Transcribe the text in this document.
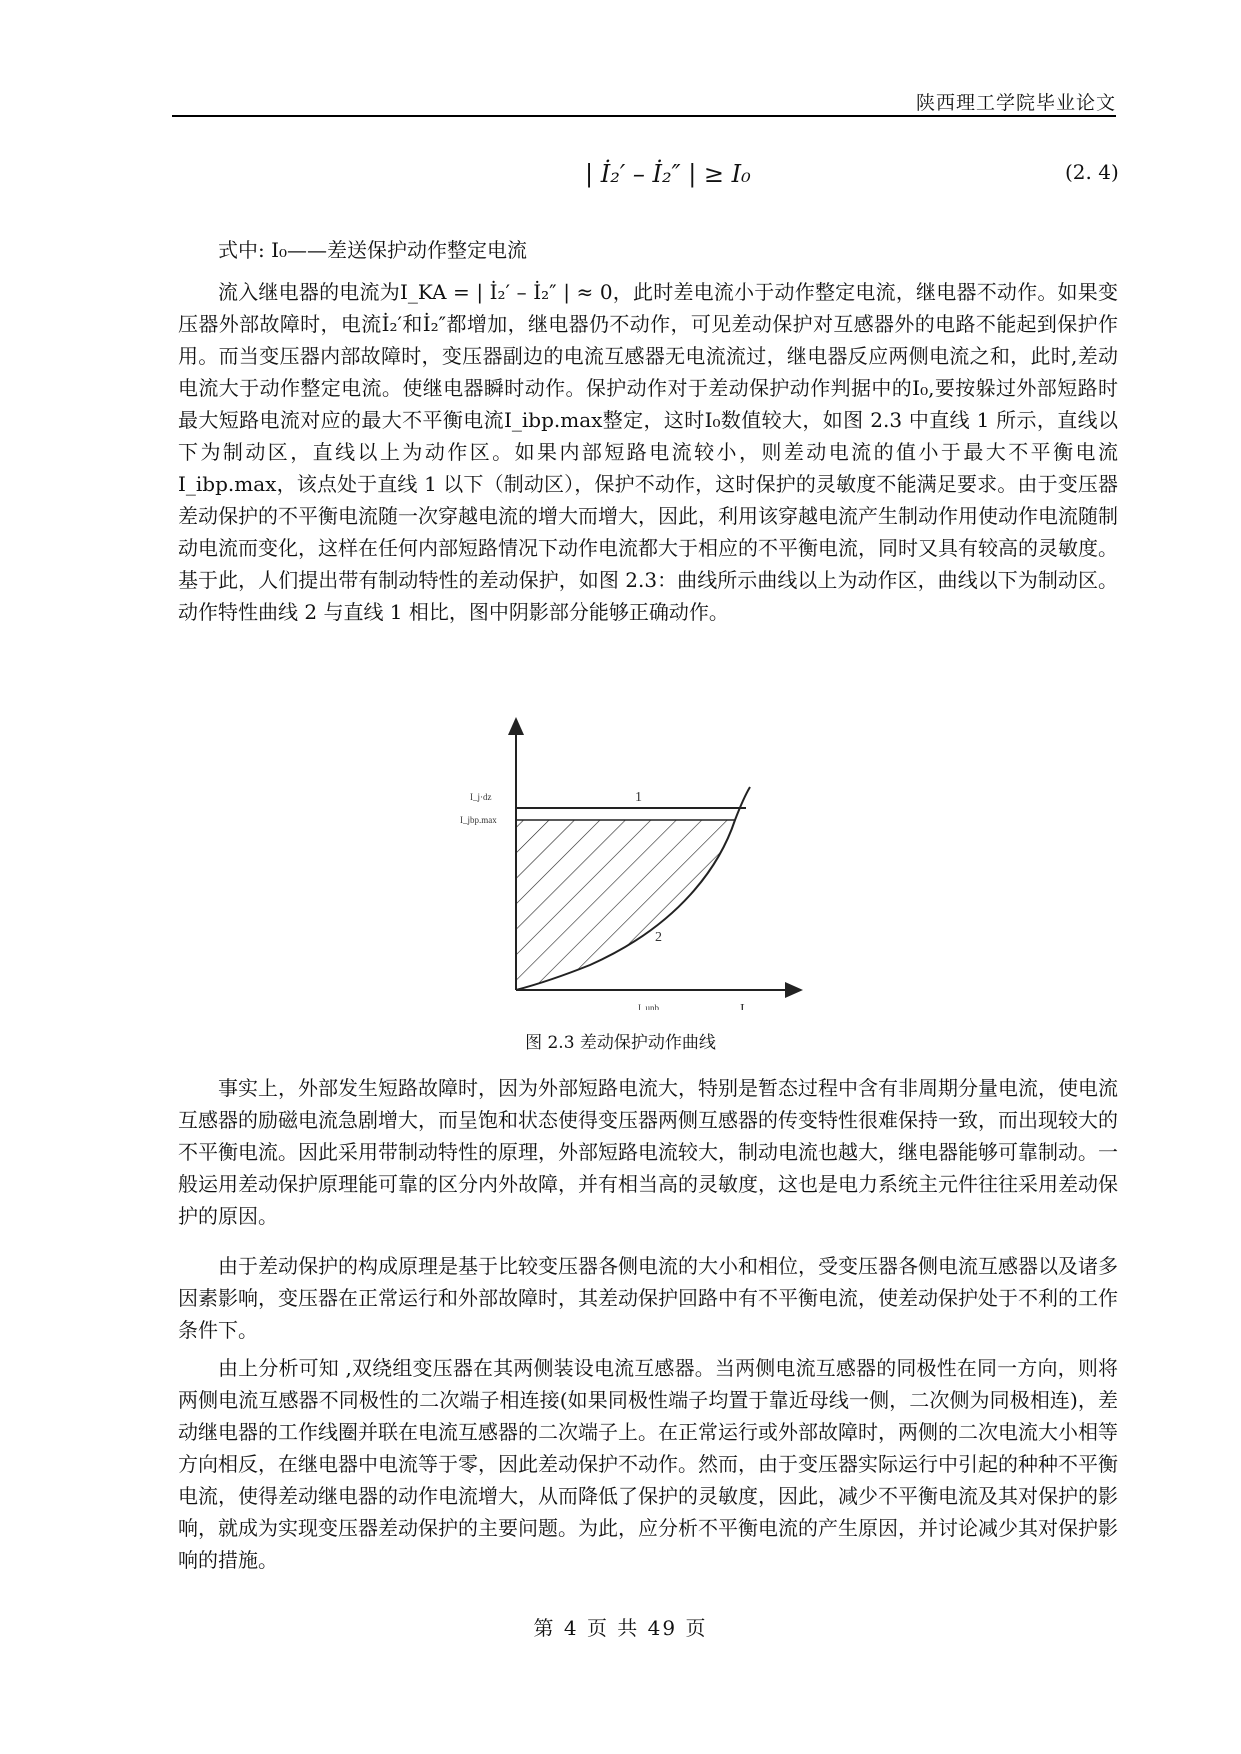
陕西理工学院毕业论文
| İ₂′ – İ₂″ | ≥ I₀	(2. 4)
式中: I₀——差送保护动作整定电流

流入继电器的电流为I_KA = | İ₂′ – İ₂″ | ≈ 0，此时差电流小于动作整定电流，继电器不动作。如果变压器外部故障时，电流İ₂′和İ₂″都增加，继电器仍不动作，可见差动保护对互感器外的电路不能起到保护作用。而当变压器内部故障时，变压器副边的电流互感器无电流流过，继电器反应两侧电流之和，此时,差动电流大于动作整定电流。使继电器瞬时动作。保护动作对于差动保护动作判据中的I₀,要按躲过外部短路时最大短路电流对应的最大不平衡电流I_ibp.max整定，这时I₀数值较大，如图 2.3 中直线 1 所示，直线以下为制动区，直线以上为动作区。如果内部短路电流较小，则差动电流的值小于最大不平衡电流I_ibp.max，该点处于直线 1 以下（制动区），保护不动作，这时保护的灵敏度不能满足要求。由于变压器差动保护的不平衡电流随一次穿越电流的增大而增大，因此，利用该穿越电流产生制动作用使动作电流随制动电流而变化，这样在任何内部短路情况下动作电流都大于相应的不平衡电流，同时又具有较高的灵敏度。基于此，人们提出带有制动特性的差动保护，如图 2.3：曲线所示曲线以上为动作区，曲线以下为制动区。动作特性曲线 2 与直线 1 相比，图中阴影部分能够正确动作。

I_j·dz
I_jbp.max
1
2
I_unb	I
图 2.3 差动保护动作曲线

事实上，外部发生短路故障时，因为外部短路电流大，特别是暂态过程中含有非周期分量电流，使电流互感器的励磁电流急剧增大，而呈饱和状态使得变压器两侧互感器的传变特性很难保持一致，而出现较大的不平衡电流。因此采用带制动特性的原理，外部短路电流较大，制动电流也越大，继电器能够可靠制动。一般运用差动保护原理能可靠的区分内外故障，并有相当高的灵敏度，这也是电力系统主元件往往采用差动保护的原因。

由于差动保护的构成原理是基于比较变压器各侧电流的大小和相位，受变压器各侧电流互感器以及诸多因素影响，变压器在正常运行和外部故障时，其差动保护回路中有不平衡电流，使差动保护处于不利的工作条件下。

由上分析可知 ,双绕组变压器在其两侧装设电流互感器。当两侧电流互感器的同极性在同一方向，则将两侧电流互感器不同极性的二次端子相连接(如果同极性端子均置于靠近母线一侧，二次侧为同极相连)，差动继电器的工作线圈并联在电流互感器的二次端子上。在正常运行或外部故障时，两侧的二次电流大小相等方向相反，在继电器中电流等于零，因此差动保护不动作。然而，由于变压器实际运行中引起的种种不平衡电流，使得差动继电器的动作电流增大，从而降低了保护的灵敏度，因此，减少不平衡电流及其对保护的影响，就成为实现变压器差动保护的主要问题。为此，应分析不平衡电流的产生原因，并讨论减少其对保护影响的措施。

第 4 页 共 49 页
